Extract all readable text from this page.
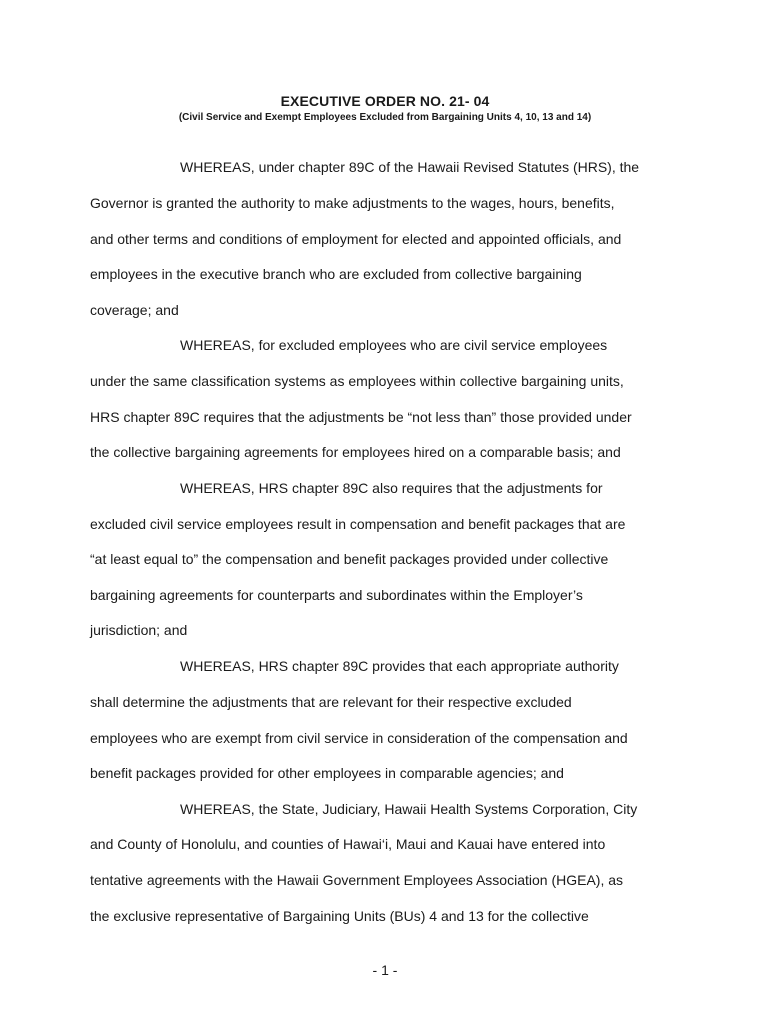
EXECUTIVE ORDER NO. 21- 04
(Civil Service and Exempt Employees Excluded from Bargaining Units 4, 10, 13 and 14)
WHEREAS, under chapter 89C of the Hawaii Revised Statutes (HRS), the
Governor is granted the authority to make adjustments to the wages, hours, benefits,
and other terms and conditions of employment for elected and appointed officials, and
employees in the executive branch who are excluded from collective bargaining
coverage; and
WHEREAS, for excluded employees who are civil service employees
under the same classification systems as employees within collective bargaining units,
HRS chapter 89C requires that the adjustments be “not less than” those provided under
the collective bargaining agreements for employees hired on a comparable basis; and
WHEREAS, HRS chapter 89C also requires that the adjustments for
excluded civil service employees result in compensation and benefit packages that are
“at least equal to” the compensation and benefit packages provided under collective
bargaining agreements for counterparts and subordinates within the Employer’s
jurisdiction; and
WHEREAS, HRS chapter 89C provides that each appropriate authority
shall determine the adjustments that are relevant for their respective excluded
employees who are exempt from civil service in consideration of the compensation and
benefit packages provided for other employees in comparable agencies; and
WHEREAS, the State, Judiciary, Hawaii Health Systems Corporation, City
and County of Honolulu, and counties of Hawai‘i, Maui and Kauai have entered into
tentative agreements with the Hawaii Government Employees Association (HGEA), as
the exclusive representative of Bargaining Units (BUs) 4 and 13 for the collective
- 1 -
